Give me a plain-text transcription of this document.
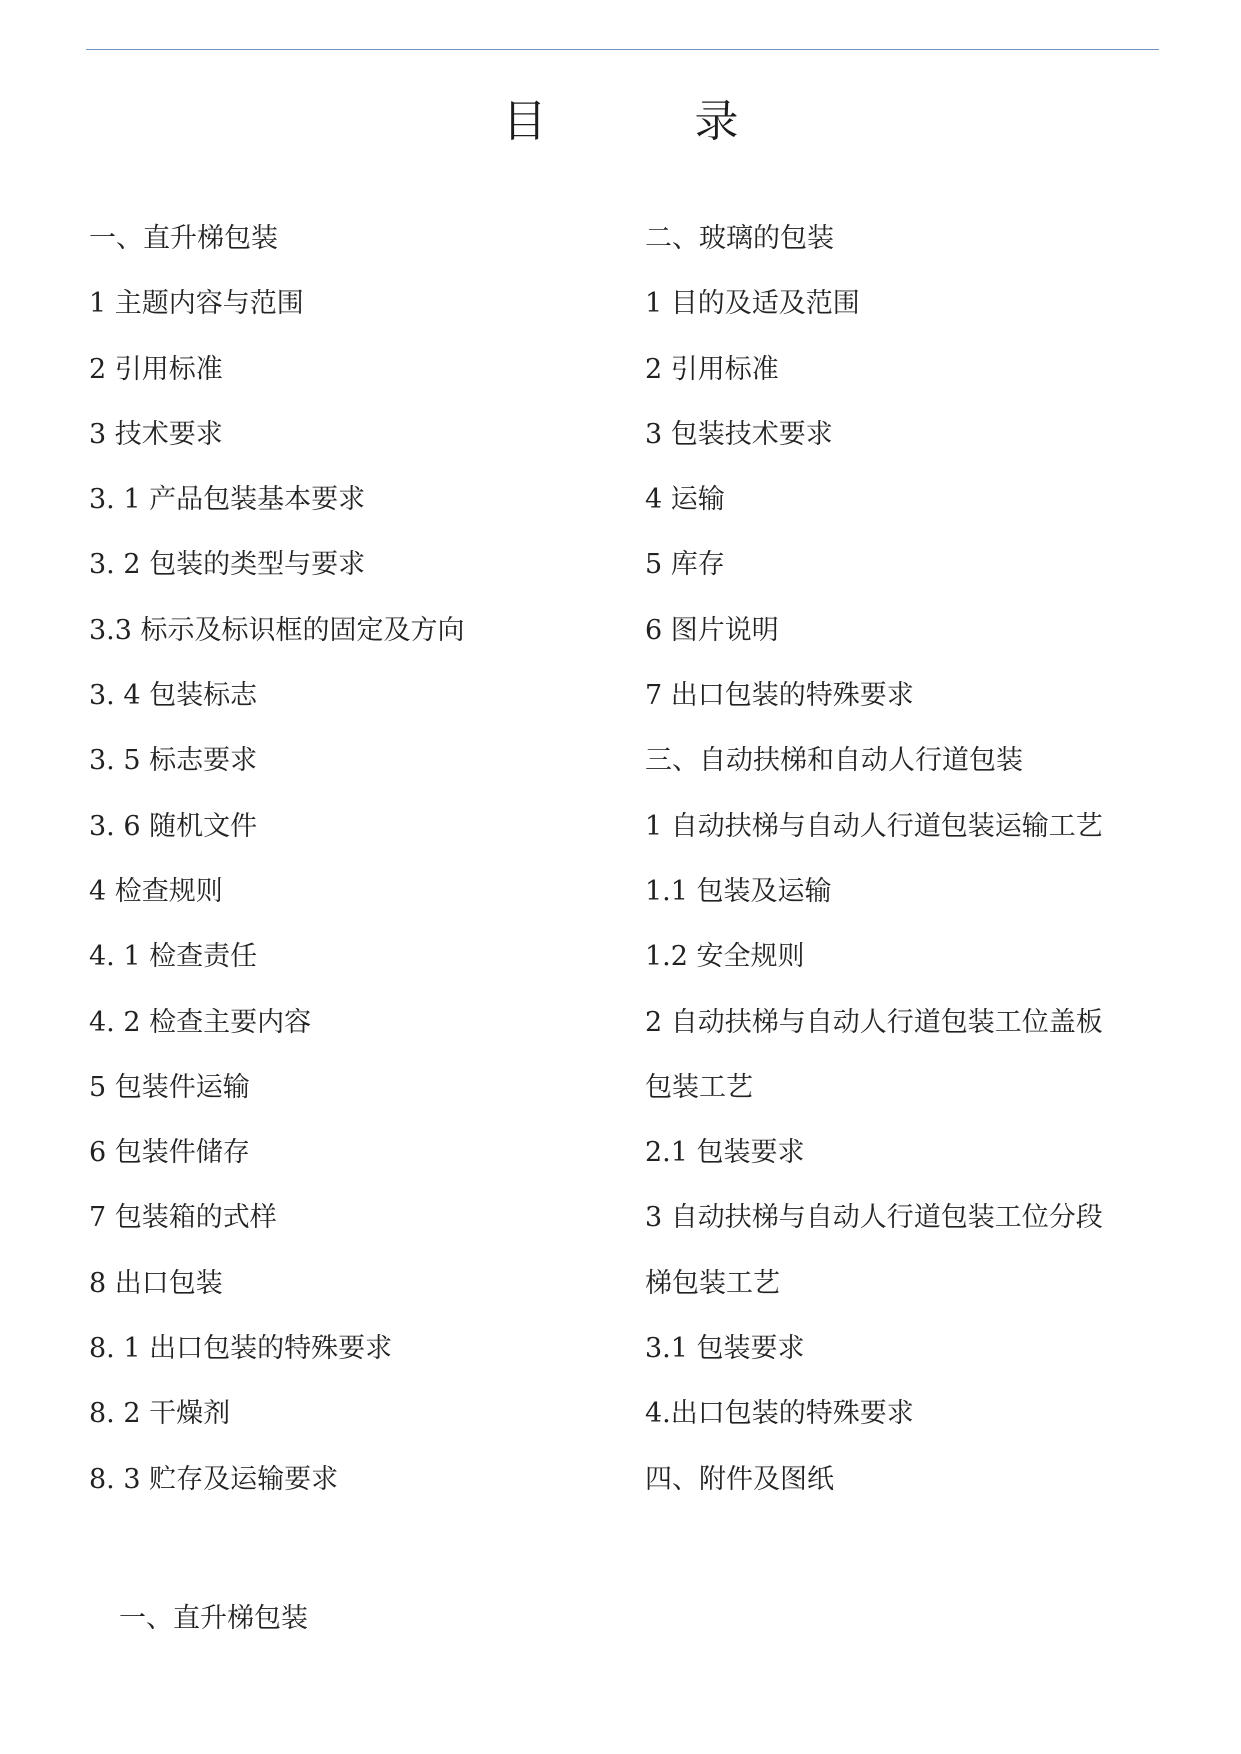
目　录
一、直升梯包装
1 主题内容与范围
2 引用标准
3 技术要求
3. 1 产品包装基本要求
3. 2 包装的类型与要求
3.3 标示及标识框的固定及方向
3. 4 包装标志
3. 5 标志要求
3. 6 随机文件
4 检查规则
4. 1 检查责任
4. 2 检查主要内容
5 包装件运输
6 包装件储存
7 包装箱的式样
8 出口包装
8. 1 出口包装的特殊要求
8. 2 干燥剂
8. 3 贮存及运输要求
二、玻璃的包装
1 目的及适及范围
2 引用标准
3 包装技术要求
4 运输
5 库存
6 图片说明
7 出口包装的特殊要求
三、自动扶梯和自动人行道包装
1 自动扶梯与自动人行道包装运输工艺
1.1 包装及运输
1.2 安全规则
2 自动扶梯与自动人行道包装工位盖板
包装工艺
2.1 包装要求
3 自动扶梯与自动人行道包装工位分段
梯包装工艺
3.1 包装要求
4.出口包装的特殊要求
四、附件及图纸
一、直升梯包装
